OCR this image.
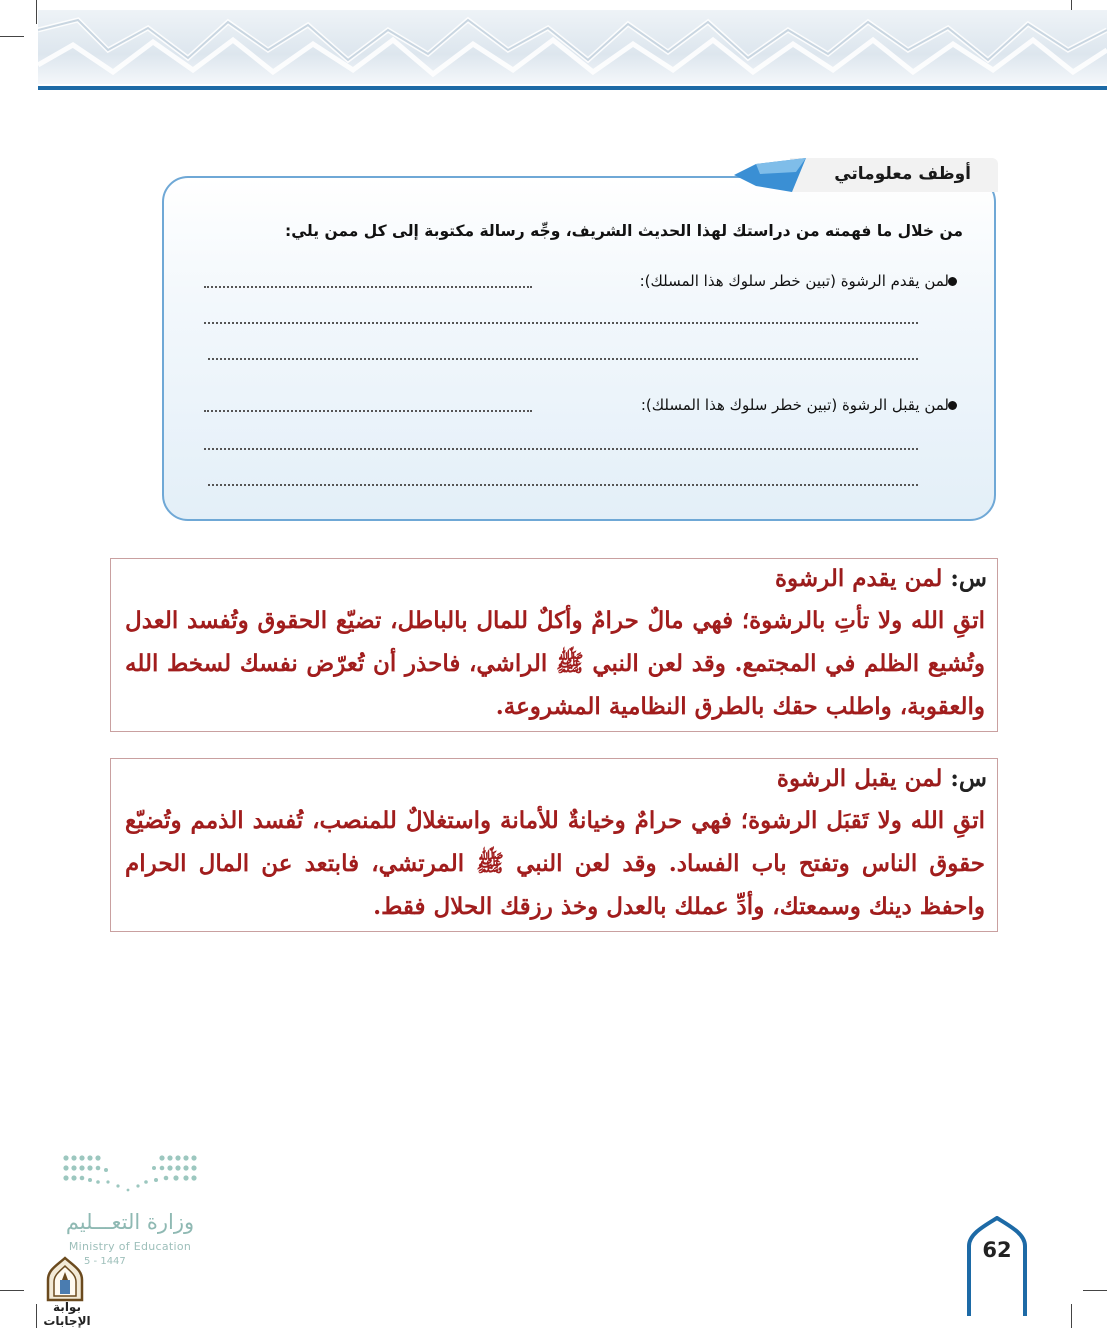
أوظف معلوماتي
من خلال ما فهمته من دراستك لهذا الحديث الشريف، وجِّه رسالة مكتوبة إلى كل ممن يلي:
لمن يقدم الرشوة (تبين خطر سلوك هذا المسلك):
لمن يقبل الرشوة (تبين خطر سلوك هذا المسلك):
س: لمن يقدم الرشوة
اتقِ الله ولا تأتِ بالرشوة؛ فهي مالٌ حرامٌ وأكلٌ للمال بالباطل، تضيّع الحقوق وتُفسد العدل وتُشيع الظلم في المجتمع. وقد لعن النبي ﷺ الراشي، فاحذر أن تُعرّض نفسك لسخط الله والعقوبة، واطلب حقك بالطرق النظامية المشروعة.
س: لمن يقبل الرشوة
اتقِ الله ولا تَقبَل الرشوة؛ فهي حرامٌ وخيانةٌ للأمانة واستغلالٌ للمنصب، تُفسد الذمم وتُضيّع حقوق الناس وتفتح باب الفساد. وقد لعن النبي ﷺ المرتشي، فابتعد عن المال الحرام واحفظ دينك وسمعتك، وأدِّ عملك بالعدل وخذ رزقك الحلال فقط.
وزارة التعـــليم
Ministry of Education
5 - 1447
بوابة الإجابات
62
